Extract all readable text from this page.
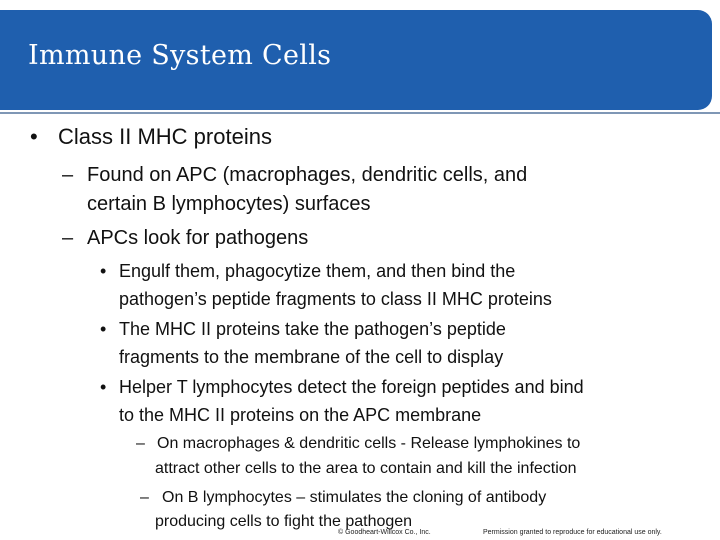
Immune System Cells
• Class II MHC proteins

– Found on APC (macrophages, dendritic cells, and

certain B lymphocytes) surfaces

– APCs look for pathogens

• Engulf them, phagocytize them, and then bind the

pathogen’s peptide fragments to class II MHC proteins

• The MHC II proteins take the pathogen’s peptide

fragments to the membrane of the cell to display

• Helper T lymphocytes detect the foreign peptides and bind

to the MHC II proteins on the APC membrane

– On macrophages & dendritic cells - Release lymphokines to

attract other cells to the area to contain and kill the infection

– On B lymphocytes – stimulates the cloning of antibody

producing cells to fight the pathogen

© Goodheart-Willcox Co., Inc.	Permission granted to reproduce for educational use only.
